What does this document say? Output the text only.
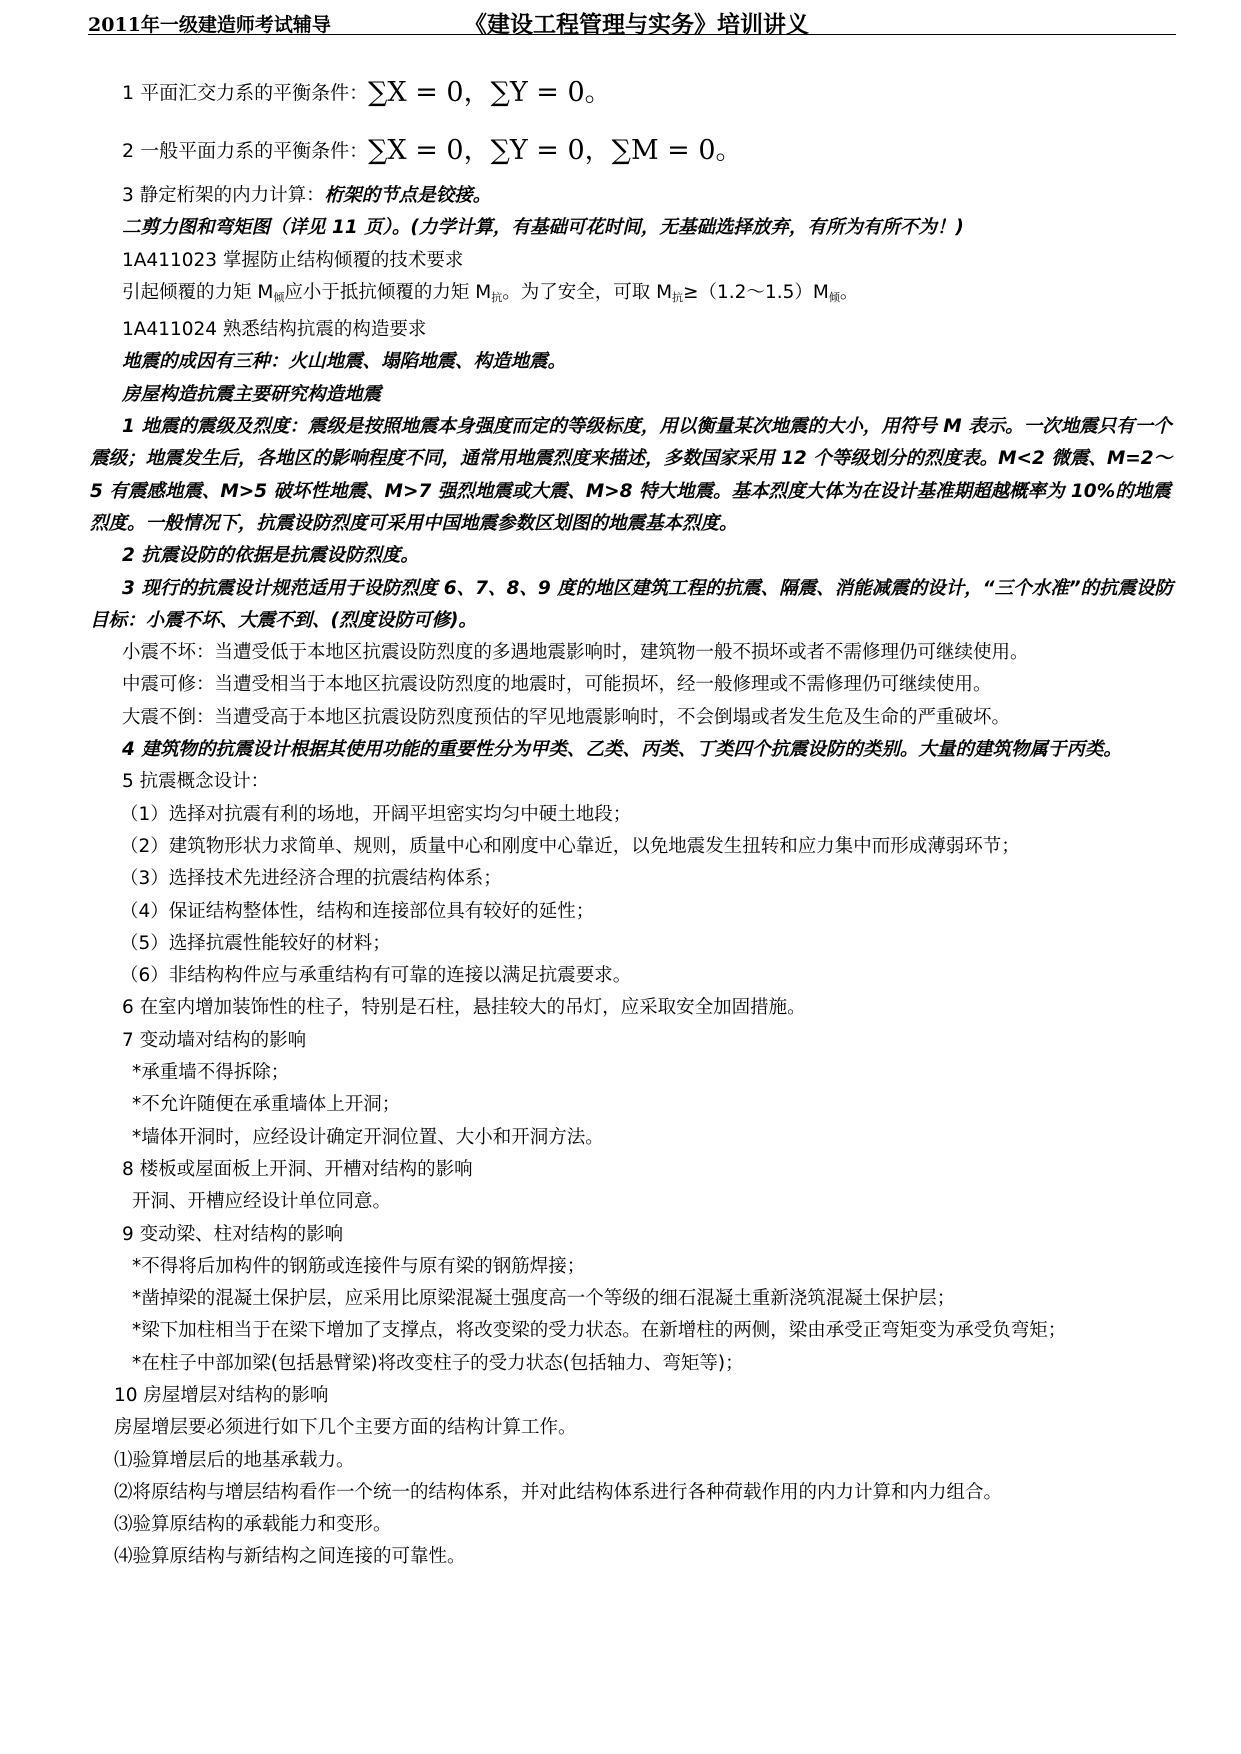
2011年一级建造师考试辅导	《建设工程管理与实务》培训讲义

1 平面汇交力系的平衡条件：∑X = 0，∑Y = 0。

2 一般平面力系的平衡条件：∑X = 0，∑Y = 0，∑M = 0。

3 静定桁架的内力计算：桁架的节点是铰接。

二剪力图和弯矩图（详见 11 页）。(力学计算，有基础可花时间，无基础选择放弃，有所为有所不为！)

1A411023 掌握防止结构倾覆的技术要求

引起倾覆的力矩 $M_倾$应小于抵抗倾覆的力矩 $M_抗$。为了安全，可取 $M_抗\ge(1.2\sim 1.5)M_倾$。

1A411024 熟悉结构抗震的构造要求

地震的成因有三种：火山地震、塌陷地震、构造地震。

房屋构造抗震主要研究构造地震

1 地震的震级及烈度：震级是按照地震本身强度而定的等级标度，用以衡量某次地震的大小，用符号 M 表示。一次地震只有一个震级；地震发生后，各地区的影响程度不同，通常用地震烈度来描述，多数国家采用 12 个等级划分的烈度表。M<2 微震、M=2～5 有震感地震、M>5 破坏性地震、M>7 强烈地震或大震、M>8 特大地震。基本烈度大体为在设计基准期超越概率为 10%的地震烈度。一般情况下，抗震设防烈度可采用中国地震参数区划图的地震基本烈度。

2 抗震设防的依据是抗震设防烈度。

3 现行的抗震设计规范适用于设防烈度 6、7、8、9 度的地区建筑工程的抗震、隔震、消能减震的设计，“三个水准”的抗震设防目标：小震不坏、大震不到、(烈度设防可修)。

小震不坏：当遭受低于本地区抗震设防烈度的多遇地震影响时，建筑物一般不损坏或者不需修理仍可继续使用。

中震可修：当遭受相当于本地区抗震设防烈度的地震时，可能损坏，经一般修理或不需修理仍可继续使用。

大震不倒：当遭受高于本地区抗震设防烈度预估的罕见地震影响时，不会倒塌或者发生危及生命的严重破坏。

4 建筑物的抗震设计根据其使用功能的重要性分为甲类、乙类、丙类、丁类四个抗震设防的类别。大量的建筑物属于丙类。

5 抗震概念设计：

（1）选择对抗震有利的场地，开阔平坦密实均匀中硬土地段；

（2）建筑物形状力求简单、规则，质量中心和刚度中心靠近，以免地震发生扭转和应力集中而形成薄弱环节；

（3）选择技术先进经济合理的抗震结构体系；

（4）保证结构整体性，结构和连接部位具有较好的延性；

（5）选择抗震性能较好的材料；

（6）非结构构件应与承重结构有可靠的连接以满足抗震要求。

6 在室内增加装饰性的柱子，特别是石柱，悬挂较大的吊灯，应采取安全加固措施。

7 变动墙对结构的影响

*承重墙不得拆除；

*不允许随便在承重墙体上开洞；

*墙体开洞时，应经设计确定开洞位置、大小和开洞方法。

8 楼板或屋面板上开洞、开槽对结构的影响

开洞、开槽应经设计单位同意。

9 变动梁、柱对结构的影响

*不得将后加构件的钢筋或连接件与原有梁的钢筋焊接；

*凿掉梁的混凝土保护层，应采用比原梁混凝土强度高一个等级的细石混凝土重新浇筑混凝土保护层；

*梁下加柱相当于在梁下增加了支撑点，将改变梁的受力状态。在新增柱的两侧，梁由承受正弯矩变为承受负弯矩；

*在柱子中部加梁(包括悬臂梁)将改变柱子的受力状态(包括轴力、弯矩等)；

10 房屋增层对结构的影响

房屋增层要必须进行如下几个主要方面的结构计算工作。

⑴验算增层后的地基承载力。

⑵将原结构与增层结构看作一个统一的结构体系，并对此结构体系进行各种荷载作用的内力计算和内力组合。

⑶验算原结构的承载能力和变形。

⑷验算原结构与新结构之间连接的可靠性。
